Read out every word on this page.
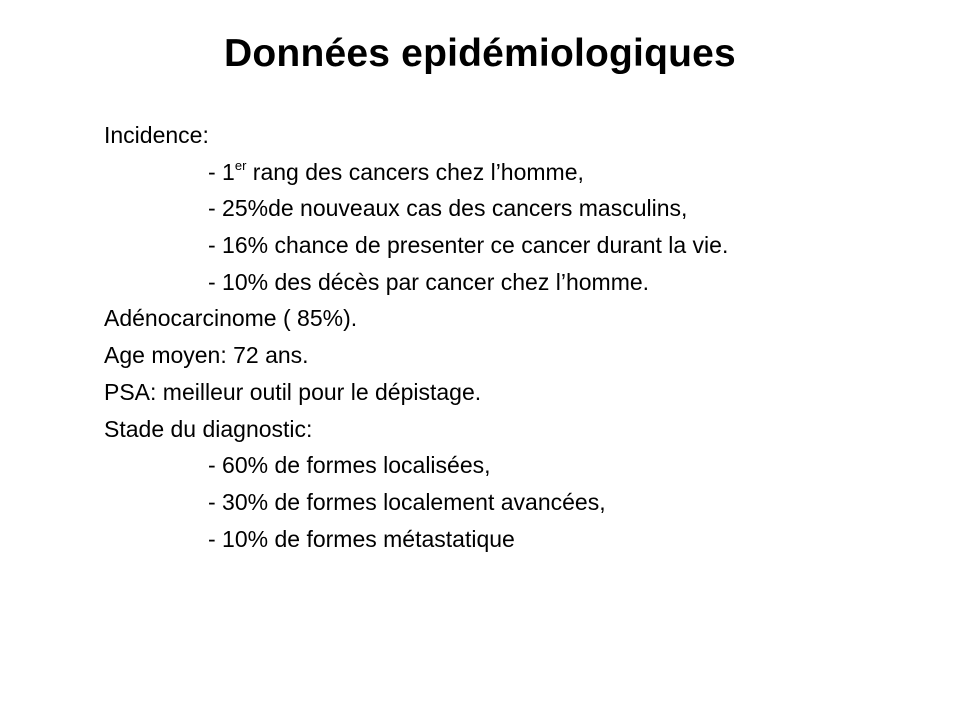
Données epidémiologiques
Incidence:
- 1er rang des cancers chez l’homme,
- 25%de nouveaux cas des cancers masculins,
- 16% chance de presenter ce cancer durant la vie.
- 10% des décès par cancer chez l’homme.
Adénocarcinome ( 85%).
Age moyen: 72 ans.
PSA: meilleur outil pour le dépistage.
Stade du diagnostic:
- 60% de formes localisées,
- 30% de formes localement avancées,
- 10% de formes métastatique
